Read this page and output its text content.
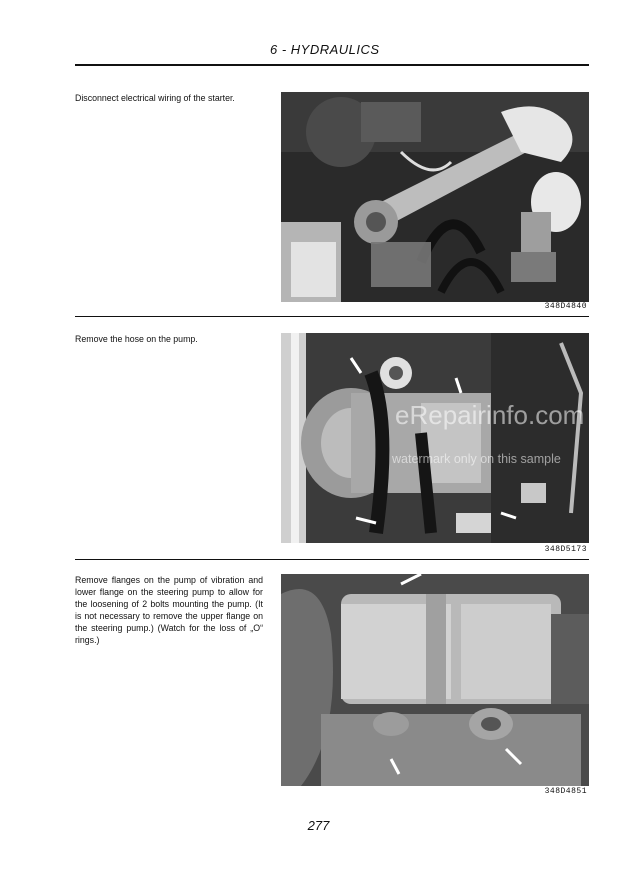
6 - HYDRAULICS
Disconnect electrical wiring of the starter.
348D4840
Remove the hose on the pump.
eRepairinfo.com
watermark only on this sample
348D5173
Remove flanges on the pump of vibration and lower flange on the steering pump to allow for the loosening of 2 bolts mounting the pump. (It is not necessary to remove the upper flange on the steering pump.) (Watch for the loss of „O“ rings.)
348D4851
277
